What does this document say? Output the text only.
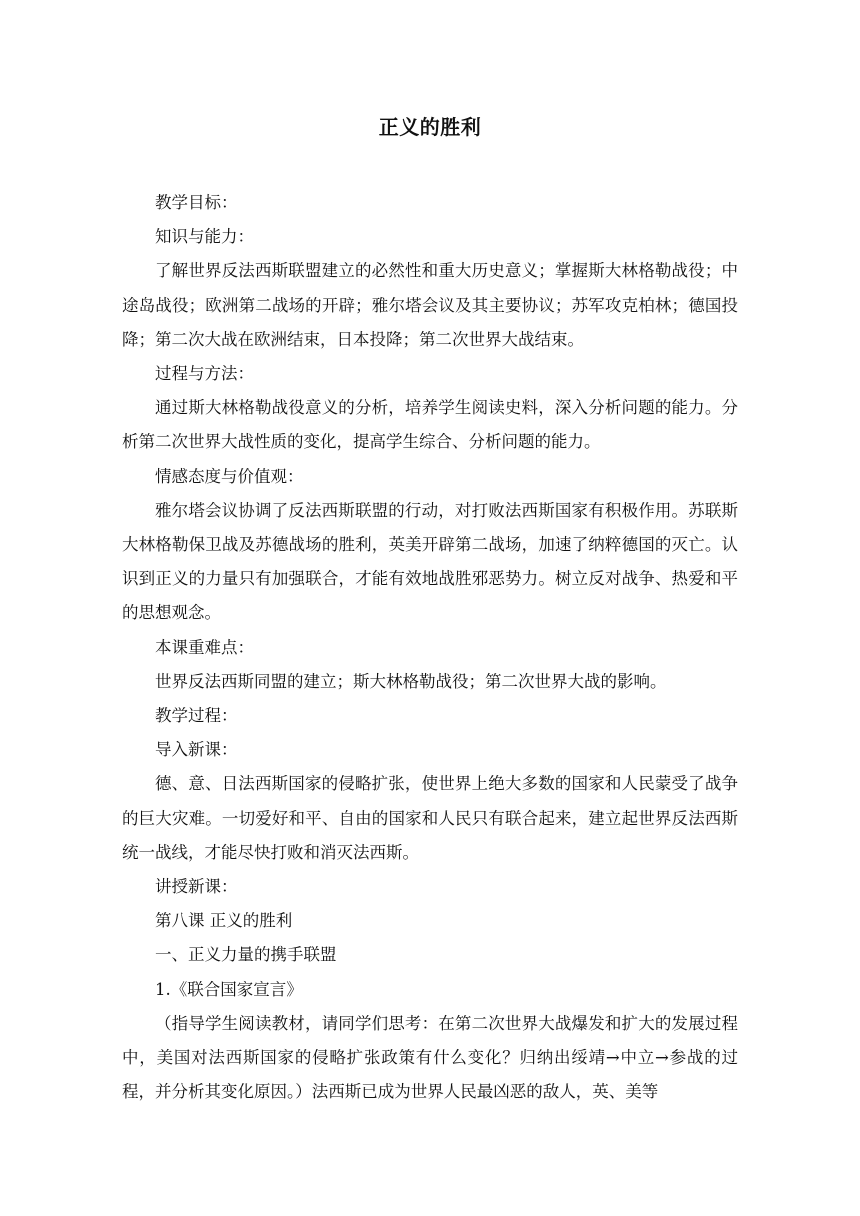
正义的胜利

教学目标：

知识与能力：

了解世界反法西斯联盟建立的必然性和重大历史意义；掌握斯大林格勒战役；中途岛战役；欧洲第二战场的开辟；雅尔塔会议及其主要协议；苏军攻克柏林；德国投降；第二次大战在欧洲结束，日本投降；第二次世界大战结束。

过程与方法：

通过斯大林格勒战役意义的分析，培养学生阅读史料，深入分析问题的能力。分析第二次世界大战性质的变化，提高学生综合、分析问题的能力。

情感态度与价值观：

雅尔塔会议协调了反法西斯联盟的行动，对打败法西斯国家有积极作用。苏联斯大林格勒保卫战及苏德战场的胜利，英美开辟第二战场，加速了纳粹德国的灭亡。认识到正义的力量只有加强联合，才能有效地战胜邪恶势力。树立反对战争、热爱和平的思想观念。

本课重难点：

世界反法西斯同盟的建立；斯大林格勒战役；第二次世界大战的影响。

教学过程：

导入新课：

德、意、日法西斯国家的侵略扩张，使世界上绝大多数的国家和人民蒙受了战争的巨大灾难。一切爱好和平、自由的国家和人民只有联合起来，建立起世界反法西斯统一战线，才能尽快打败和消灭法西斯。

讲授新课：

第八课 正义的胜利

一、正义力量的携手联盟

1.《联合国家宣言》

（指导学生阅读教材，请同学们思考：在第二次世界大战爆发和扩大的发展过程中，美国对法西斯国家的侵略扩张政策有什么变化？归纳出绥靖→中立→参战的过程，并分析其变化原因。）法西斯已成为世界人民最凶恶的敌人，英、美等
